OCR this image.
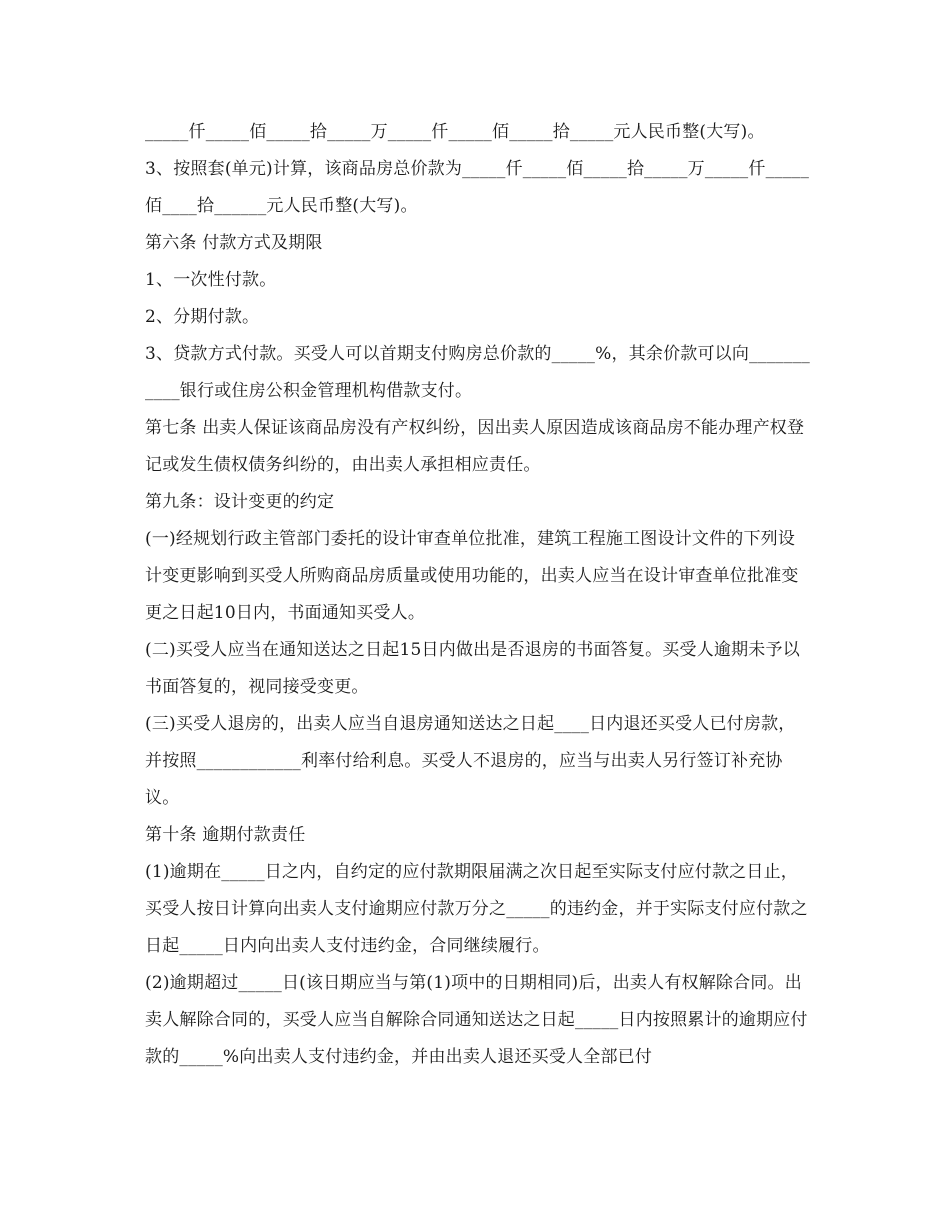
_____仟_____佰_____拾_____万_____仟_____佰_____拾_____元人民币整(大写)。

3、按照套(单元)计算，该商品房总价款为_____仟_____佰_____拾_____万_____仟_____佰____拾______元人民币整(大写)。

第六条 付款方式及期限

1、一次性付款。

2、分期付款。

3、贷款方式付款。买受人可以首期支付购房总价款的_____%，其余价款可以向___________银行或住房公积金管理机构借款支付。

第七条 出卖人保证该商品房没有产权纠纷，因出卖人原因造成该商品房不能办理产权登记或发生债权债务纠纷的，由出卖人承担相应责任。

第九条：设计变更的约定

(一)经规划行政主管部门委托的设计审查单位批准，建筑工程施工图设计文件的下列设计变更影响到买受人所购商品房质量或使用功能的，出卖人应当在设计审查单位批准变更之日起10日内，书面通知买受人。

(二)买受人应当在通知送达之日起15日内做出是否退房的书面答复。买受人逾期未予以书面答复的，视同接受变更。

(三)买受人退房的，出卖人应当自退房通知送达之日起____日内退还买受人已付房款，并按照____________利率付给利息。买受人不退房的，应当与出卖人另行签订补充协议。

第十条 逾期付款责任

(1)逾期在_____日之内，自约定的应付款期限届满之次日起至实际支付应付款之日止，买受人按日计算向出卖人支付逾期应付款万分之_____的违约金，并于实际支付应付款之日起_____日内向出卖人支付违约金，合同继续履行。

(2)逾期超过_____日(该日期应当与第(1)项中的日期相同)后，出卖人有权解除合同。出卖人解除合同的，买受人应当自解除合同通知送达之日起_____日内按照累计的逾期应付款的_____%向出卖人支付违约金，并由出卖人退还买受人全部已付
